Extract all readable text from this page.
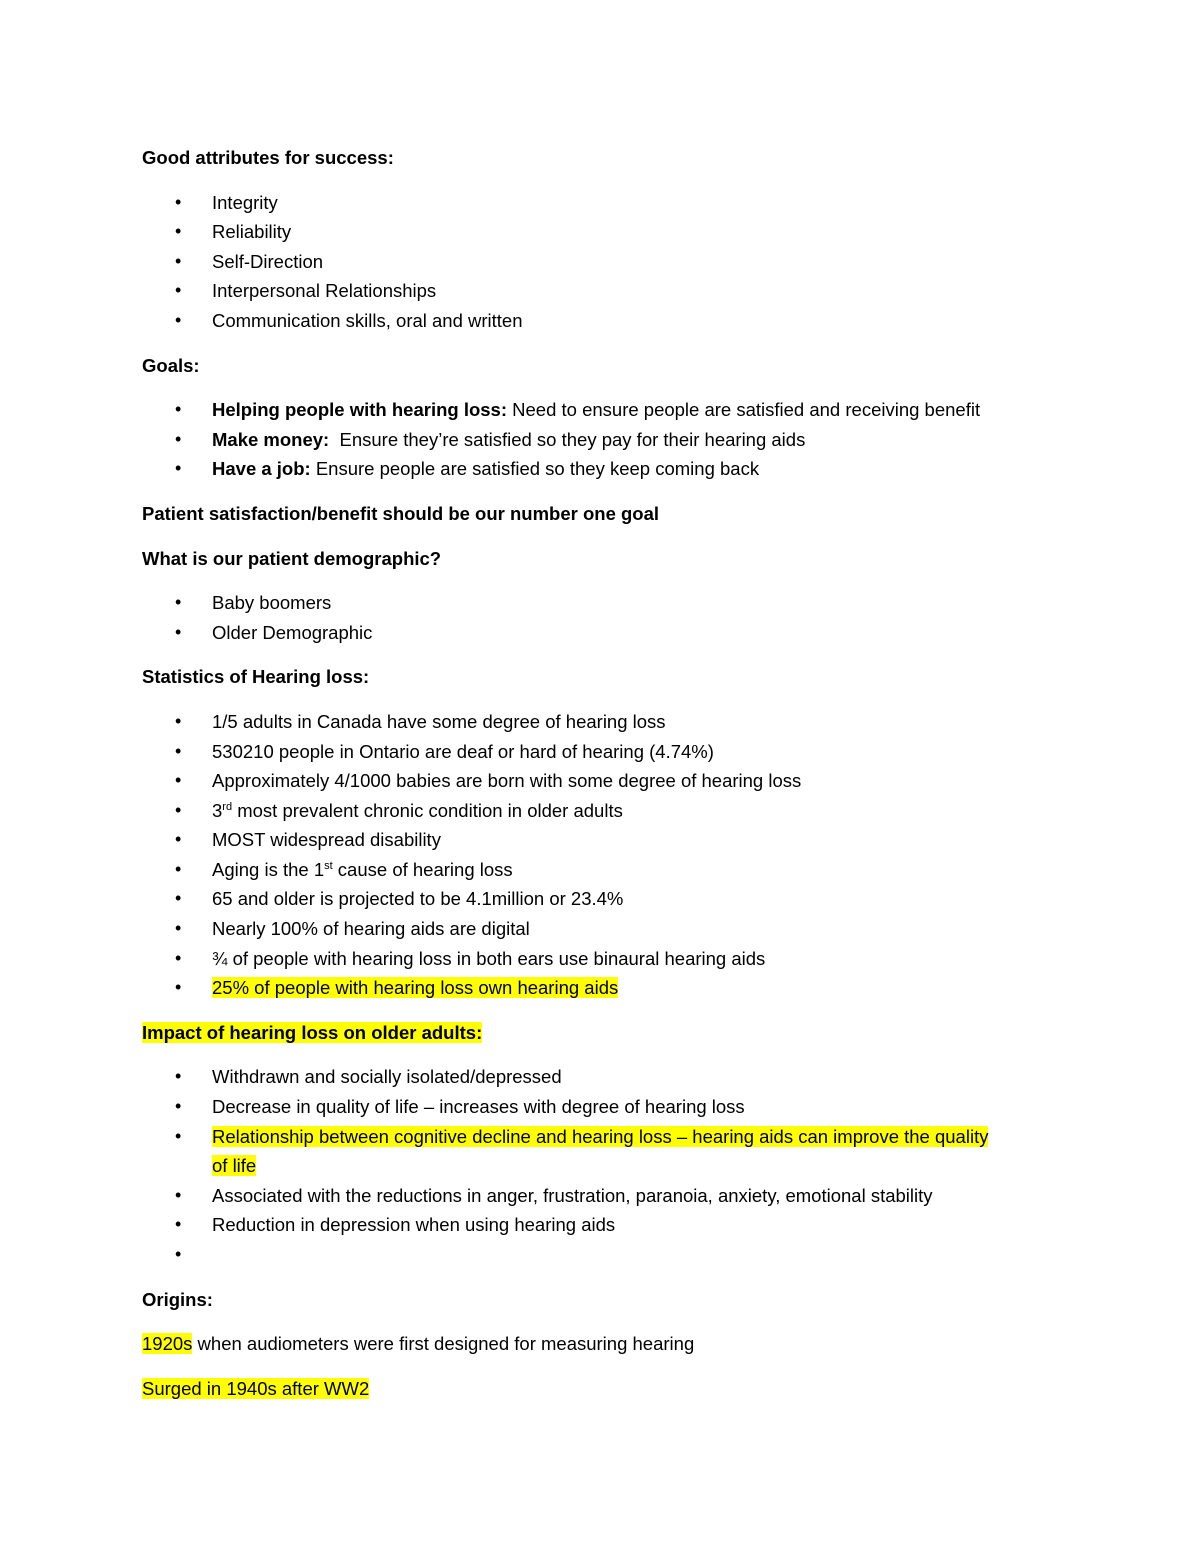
Good attributes for success:

• Integrity
• Reliability
• Self-Direction
• Interpersonal Relationships
• Communication skills, oral and written

Goals:

• Helping people with hearing loss: Need to ensure people are satisfied and receiving benefit
• Make money:  Ensure they’re satisfied so they pay for their hearing aids
• Have a job: Ensure people are satisfied so they keep coming back

Patient satisfaction/benefit should be our number one goal

What is our patient demographic?

• Baby boomers
• Older Demographic

Statistics of Hearing loss:

• 1/5 adults in Canada have some degree of hearing loss
• 530210 people in Ontario are deaf or hard of hearing (4.74%)
• Approximately 4/1000 babies are born with some degree of hearing loss
• 3rd most prevalent chronic condition in older adults
• MOST widespread disability
• Aging is the 1st cause of hearing loss
• 65 and older is projected to be 4.1million or 23.4%
• Nearly 100% of hearing aids are digital
• ¾ of people with hearing loss in both ears use binaural hearing aids
• 25% of people with hearing loss own hearing aids

Impact of hearing loss on older adults:

• Withdrawn and socially isolated/depressed
• Decrease in quality of life – increases with degree of hearing loss
• Relationship between cognitive decline and hearing loss – hearing aids can improve the quality
of life
• Associated with the reductions in anger, frustration, paranoia, anxiety, emotional stability
• Reduction in depression when using hearing aids
•

Origins:

1920s when audiometers were first designed for measuring hearing

Surged in 1940s after WW2
